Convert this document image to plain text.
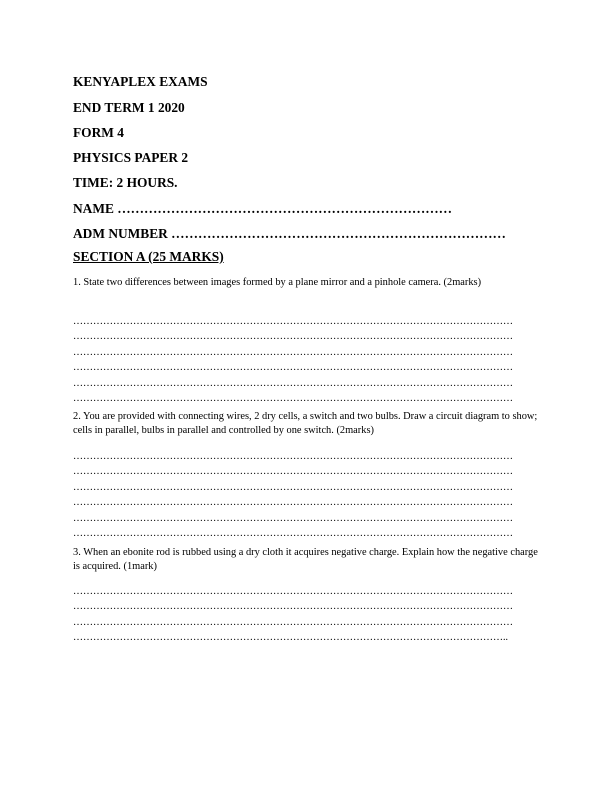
KENYAPLEX EXAMS
END TERM 1 2020
FORM 4
PHYSICS PAPER 2
TIME: 2 HOURS.
NAME …………………………………………………………………
ADM NUMBER …………………………………………………………………
SECTION A (25 MARKS)
1. State two differences between images formed by a plane mirror and a pinhole camera. (2marks)
……………………………………………………………………………………………………………………
……………………………………………………………………………………………………………………
……………………………………………………………………………………………………………………
……………………………………………………………………………………………………………………
……………………………………………………………………………………………………………………
……………………………………………………………………………………………………………………
2. You are provided with connecting wires, 2 dry cells, a switch and two bulbs. Draw a circuit diagram to show; cells in parallel, bulbs in parallel and controlled by one switch. (2marks)
……………………………………………………………………………………………………………………
……………………………………………………………………………………………………………………
……………………………………………………………………………………………………………………
……………………………………………………………………………………………………………………
……………………………………………………………………………………………………………………
……………………………………………………………………………………………………………………
3. When an ebonite rod is rubbed using a dry cloth it acquires negative charge. Explain how the negative charge is acquired. (1mark)
……………………………………………………………………………………………………………………
……………………………………………………………………………………………………………………
……………………………………………………………………………………………………………………
…………………………………………………………………………………………………………………..
